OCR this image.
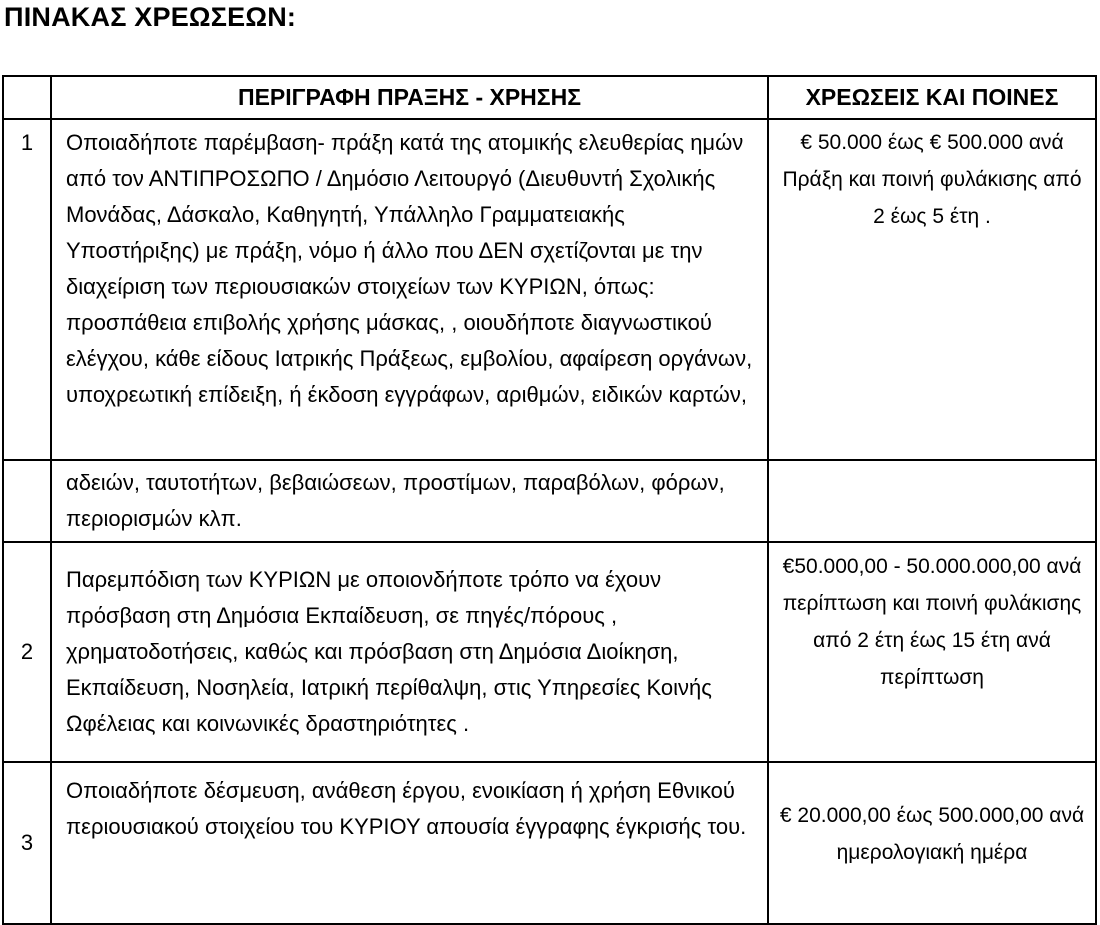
ΠΙΝΑΚΑΣ ΧΡΕΩΣΕΩΝ:
	ΠΕΡΙΓΡΑΦΗ ΠΡΑΞΗΣ - ΧΡΗΣΗΣ	ΧΡΕΩΣΕΙΣ ΚΑΙ ΠΟΙΝΕΣ
1	Οποιαδήποτε παρέμβαση- πράξη κατά της ατομικής ελευθερίας ημών από τον ΑΝΤΙΠΡΟΣΩΠΟ / Δημόσιο Λειτουργό (Διευθυντή Σχολικής Μονάδας, Δάσκαλο, Καθηγητή, Υπάλληλο Γραμματειακής Υποστήριξης) με πράξη, νόμο ή άλλο που ΔΕΝ σχετίζονται με την διαχείριση των περιουσιακών στοιχείων των ΚΥΡΙΩΝ, όπως: προσπάθεια επιβολής χρήσης μάσκας, , οιουδήποτε διαγνωστικού ελέγχου, κάθε είδους Ιατρικής Πράξεως, εμβολίου, αφαίρεση οργάνων, υποχρεωτική επίδειξη, ή έκδοση εγγράφων, αριθμών, ειδικών καρτών,	€ 50.000 έως € 500.000 ανά Πράξη και ποινή φυλάκισης από 2 έως 5 έτη .
	αδειών, ταυτοτήτων, βεβαιώσεων, προστίμων, παραβόλων, φόρων, περιορισμών κλπ.	
2	Παρεμπόδιση των ΚΥΡΙΩΝ με οποιονδήποτε τρόπο να έχουν πρόσβαση στη Δημόσια Εκπαίδευση, σε πηγές/πόρους , χρηματοδοτήσεις, καθώς και πρόσβαση στη Δημόσια Διοίκηση, Εκπαίδευση, Νοσηλεία, Ιατρική περίθαλψη, στις Υπηρεσίες Κοινής Ωφέλειας και κοινωνικές δραστηριότητες .	€50.000,00 - 50.000.000,00 ανά περίπτωση και ποινή φυλάκισης από 2 έτη έως 15 έτη ανά περίπτωση
3	Οποιαδήποτε δέσμευση, ανάθεση έργου, ενοικίαση ή χρήση Εθνικού περιουσιακού στοιχείου του ΚΥΡΙΟΥ απουσία έγγραφης έγκρισής του.	€ 20.000,00 έως 500.000,00 ανά ημερολογιακή ημέρα
